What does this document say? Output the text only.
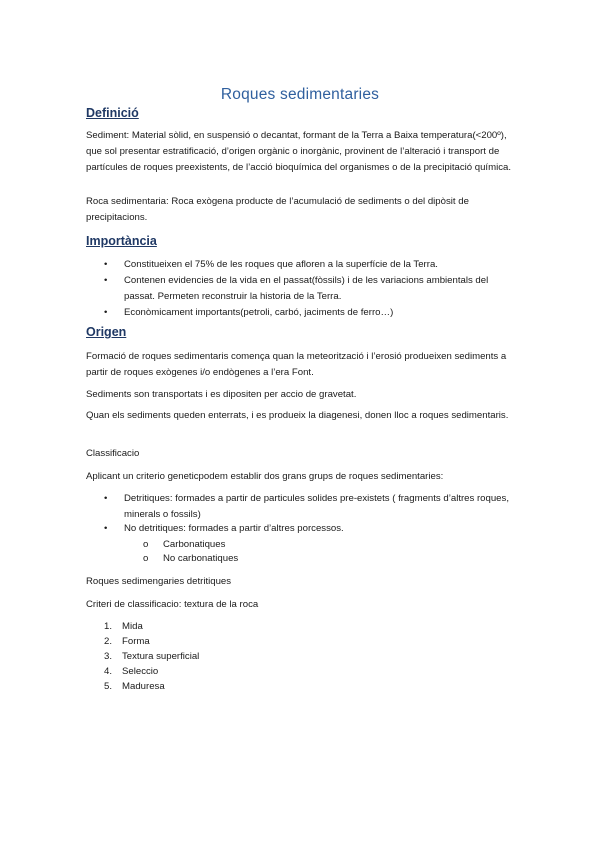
Roques sedimentaries
Definició
Sediment: Material sòlid, en suspensió o decantat, formant de la Terra a Baixa temperatura(<200º), que sol presentar estratificació, d’origen orgànic o inorgànic, provinent de l’alteració i transport de partícules de roques preexistents, de l’acció bioquímica del organismes o de la precipitació química.
Roca sedimentaria: Roca exògena producte de l’acumulació de sediments o del dipòsit de precipitacions.
Importància
•	Constitueixen el 75% de les roques que afloren a la superfície de la Terra.
•	Contenen evidencies de la vida en el passat(fòssils) i de les variacions ambientals del passat. Permeten reconstruir la historia de la Terra.
•	Econòmicament importants(petroli, carbó, jaciments de ferro…)
Origen
Formació de roques sedimentaris comença quan la meteorització i l’erosió produeixen sediments a partir de roques exògenes i/o endògenes a l’era Font.
Sediments son transportats i es dipositen per accio de gravetat.
Quan els sediments queden enterrats, i es produeix la diagenesi, donen lloc a roques sedimentaris.
Classificacio
Aplicant un criterio geneticpodem establir dos grans grups de roques sedimentaries:
•	Detritiques: formades a partir de particules solides pre-existets ( fragments d’altres roques, minerals o fossils)
•	No detritiques: formades a partir d’altres porcessos.
o Carbonatiques
o No carbonatiques
Roques sedimengaries detritiques
Criteri de classificacio: textura de la roca
1. Mida
2. Forma
3. Textura superficial
4. Seleccio
5. Maduresa
